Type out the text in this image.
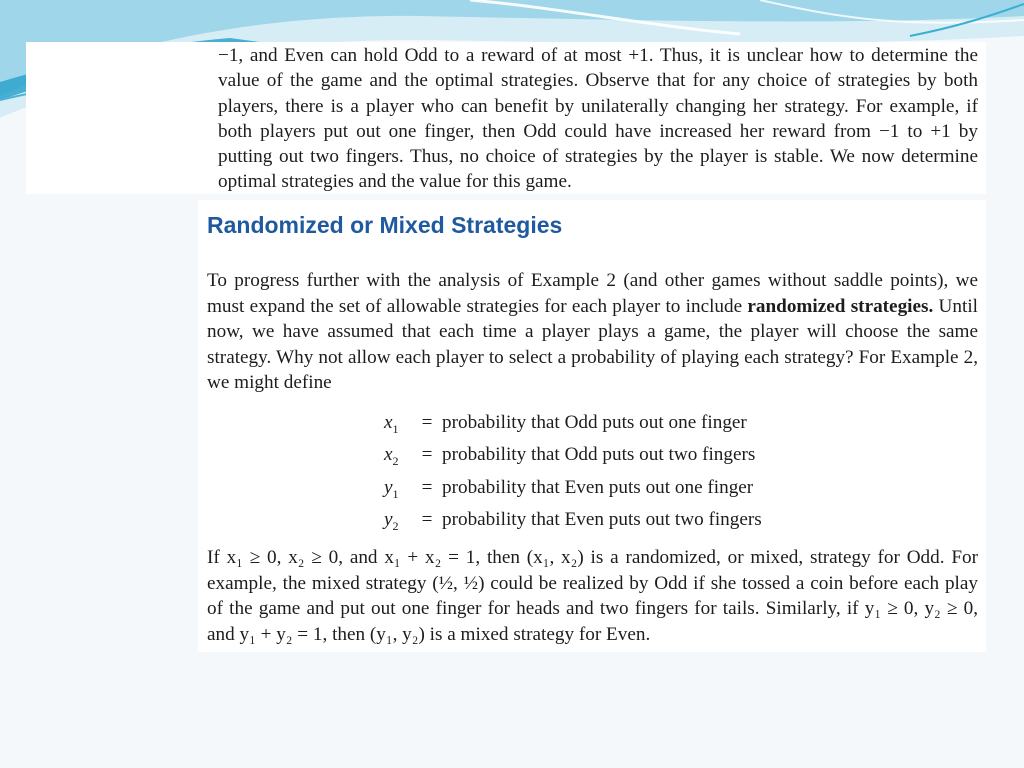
−1, and Even can hold Odd to a reward of at most +1. Thus, it is unclear how to determine the value of the game and the optimal strategies. Observe that for any choice of strategies by both players, there is a player who can benefit by unilaterally changing her strategy. For example, if both players put out one finger, then Odd could have increased her reward from −1 to +1 by putting out two fingers. Thus, no choice of strategies by the player is stable. We now determine optimal strategies and the value for this game.

Randomized or Mixed Strategies

To progress further with the analysis of Example 2 (and other games without saddle points), we must expand the set of allowable strategies for each player to include randomized strategies. Until now, we have assumed that each time a player plays a game, the player will choose the same strategy. Why not allow each player to select a probability of playing each strategy? For Example 2, we might define

$x_1$ = probability that Odd puts out one finger
$x_2$ = probability that Odd puts out two fingers
$y_1$ = probability that Even puts out one finger
$y_2$ = probability that Even puts out two fingers

If x₁ ≥ 0, x₂ ≥ 0, and x₁ + x₂ = 1, then (x₁, x₂) is a randomized, or mixed, strategy for Odd. For example, the mixed strategy (½, ½) could be realized by Odd if she tossed a coin before each play of the game and put out one finger for heads and two fingers for tails. Similarly, if y₁ ≥ 0, y₂ ≥ 0, and y₁ + y₂ = 1, then (y₁, y₂) is a mixed strategy for Even.
